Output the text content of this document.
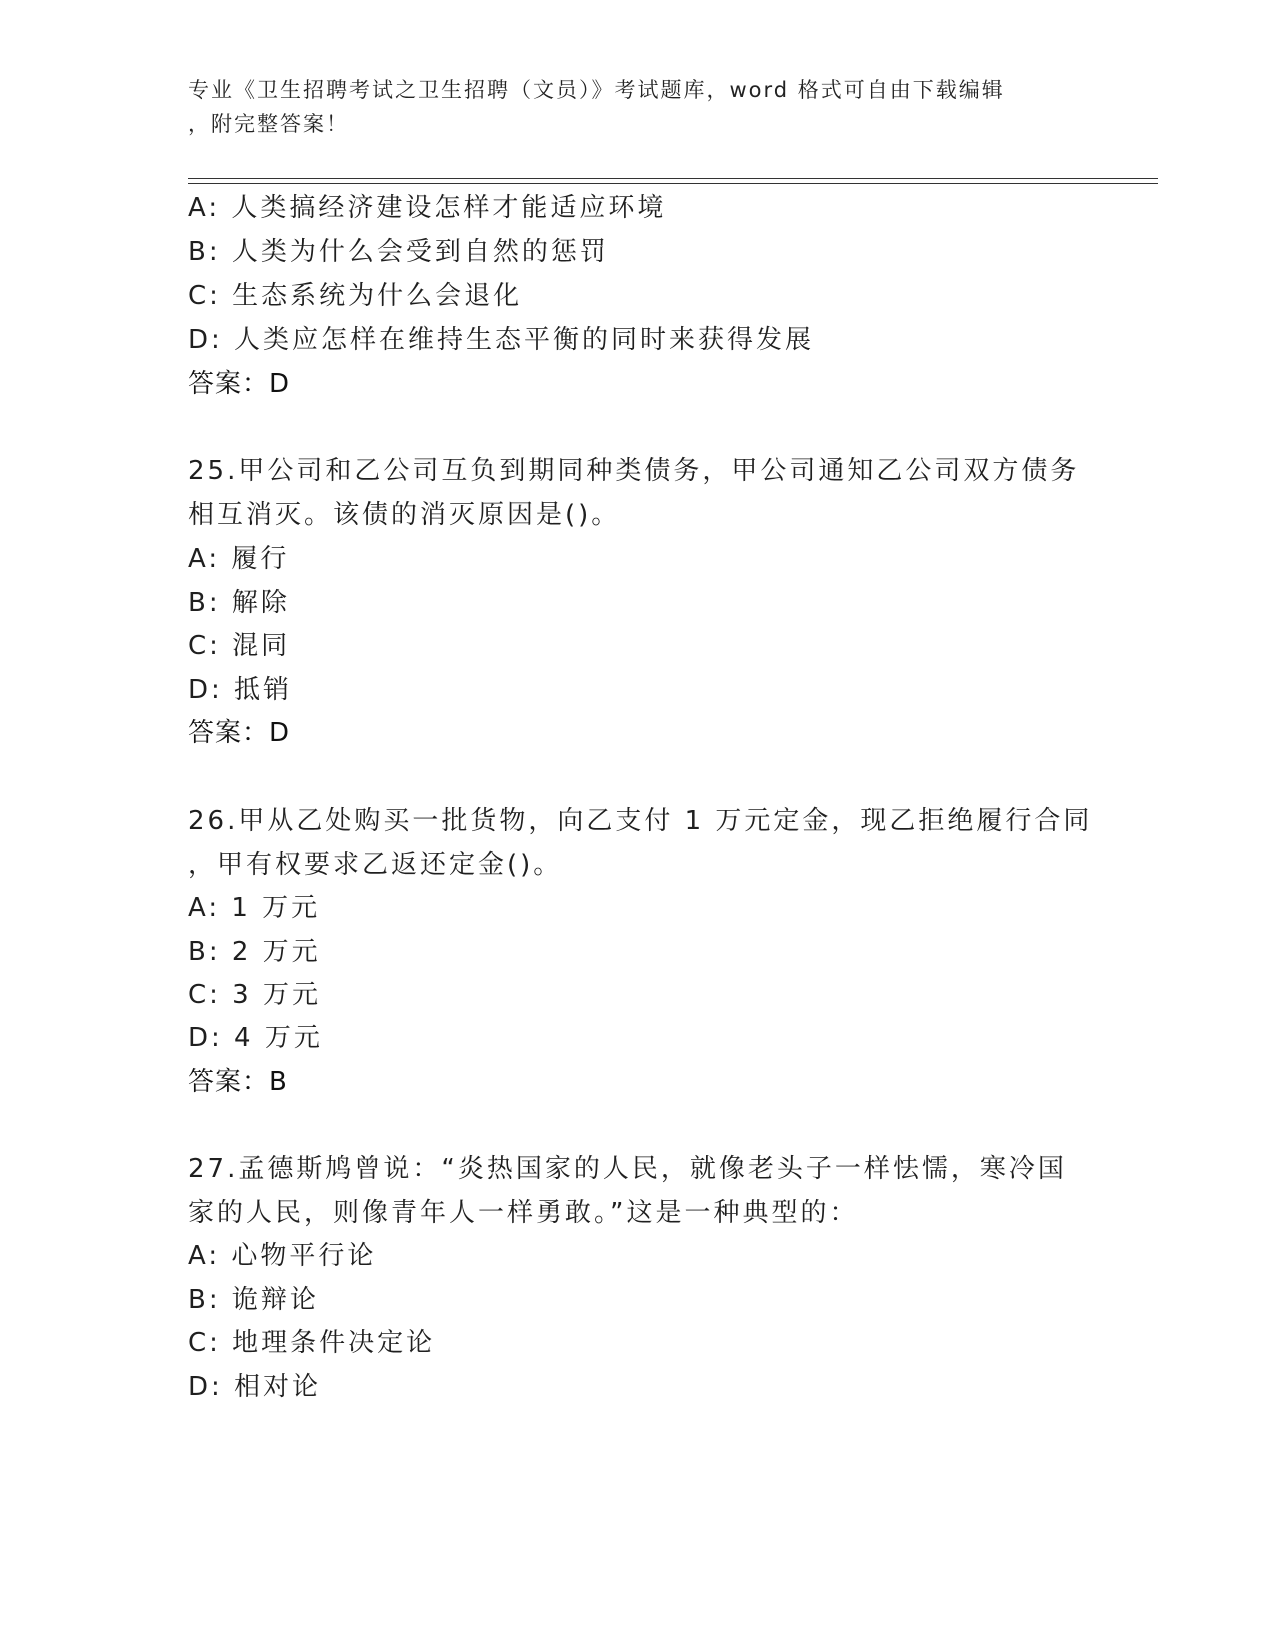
专业《卫生招聘考试之卫生招聘（文员）》考试题库，word 格式可自由下载编辑
，附完整答案！
A: 人类搞经济建设怎样才能适应环境
B: 人类为什么会受到自然的惩罚
C: 生态系统为什么会退化
D: 人类应怎样在维持生态平衡的同时来获得发展
答案：D
25.甲公司和乙公司互负到期同种类债务，甲公司通知乙公司双方债务
相互消灭。该债的消灭原因是()。
A: 履行
B: 解除
C: 混同
D: 抵销
答案：D
26.甲从乙处购买一批货物，向乙支付 1 万元定金，现乙拒绝履行合同
，甲有权要求乙返还定金()。
A: 1 万元
B: 2 万元
C: 3 万元
D: 4 万元
答案：B
27.孟德斯鸠曾说：“炎热国家的人民，就像老头子一样怯懦，寒冷国
家的人民，则像青年人一样勇敢。”这是一种典型的：
A: 心物平行论
B: 诡辩论
C: 地理条件决定论
D: 相对论
